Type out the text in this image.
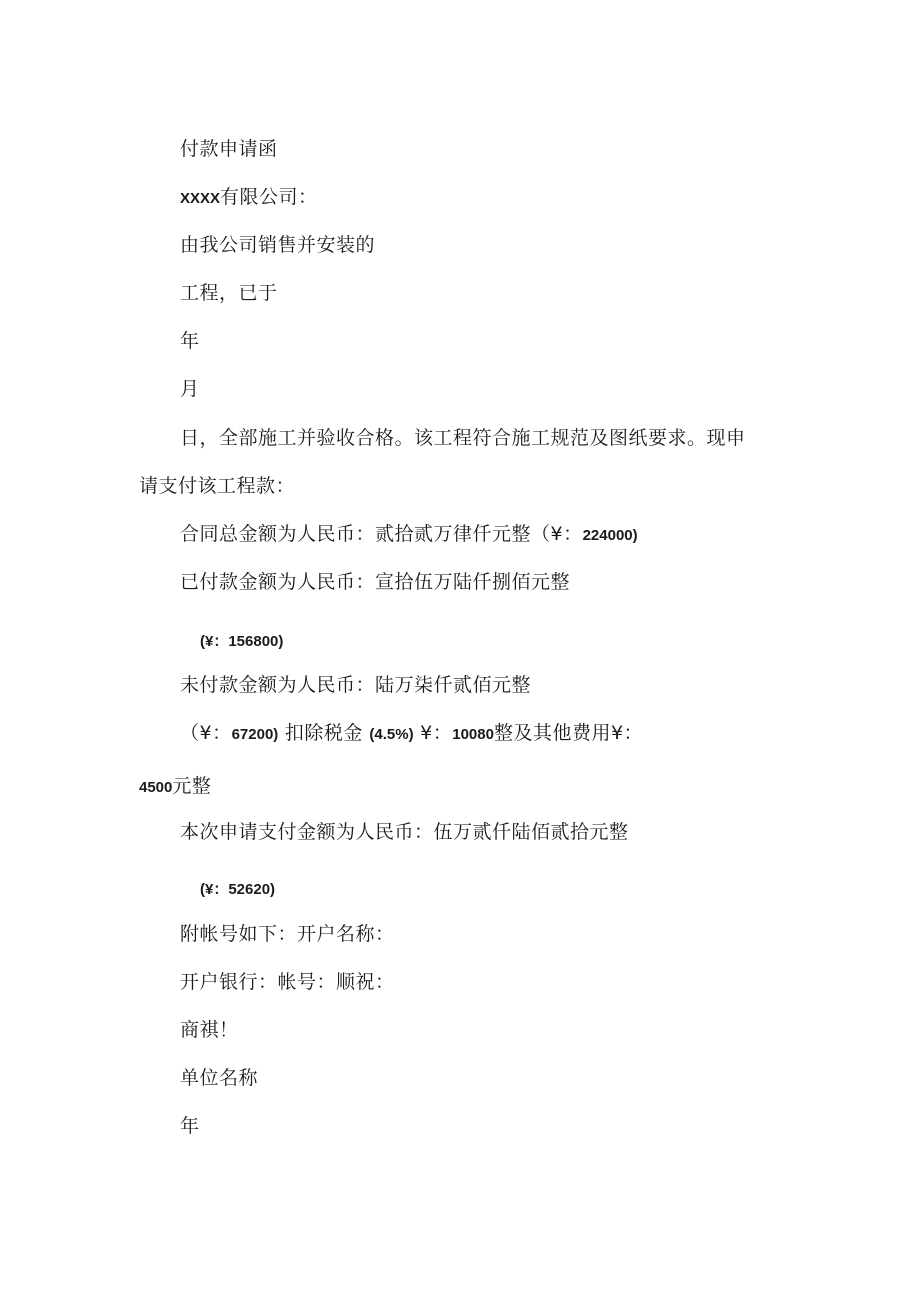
付款申请函
XXXX有限公司：
由我公司销售并安装的
工程，已于
年
月
日，全部施工并验收合格。该工程符合施工规范及图纸要求。现申
请支付该工程款：
合同总金额为人民币：贰拾贰万律仟元整（¥：224000)
已付款金额为人民币：宣拾伍万陆仟捌佰元整
(¥：156800)
未付款金额为人民币：陆万柒仟贰佰元整
（¥：67200) 扣除税金 (4.5%) ¥：10080整及其他费用¥：
4500元整
本次申请支付金额为人民币：伍万贰仟陆佰贰拾元整
(¥：52620)
附帐号如下：开户名称：
开户银行：帐号：顺祝：
商祺！
单位名称
年
